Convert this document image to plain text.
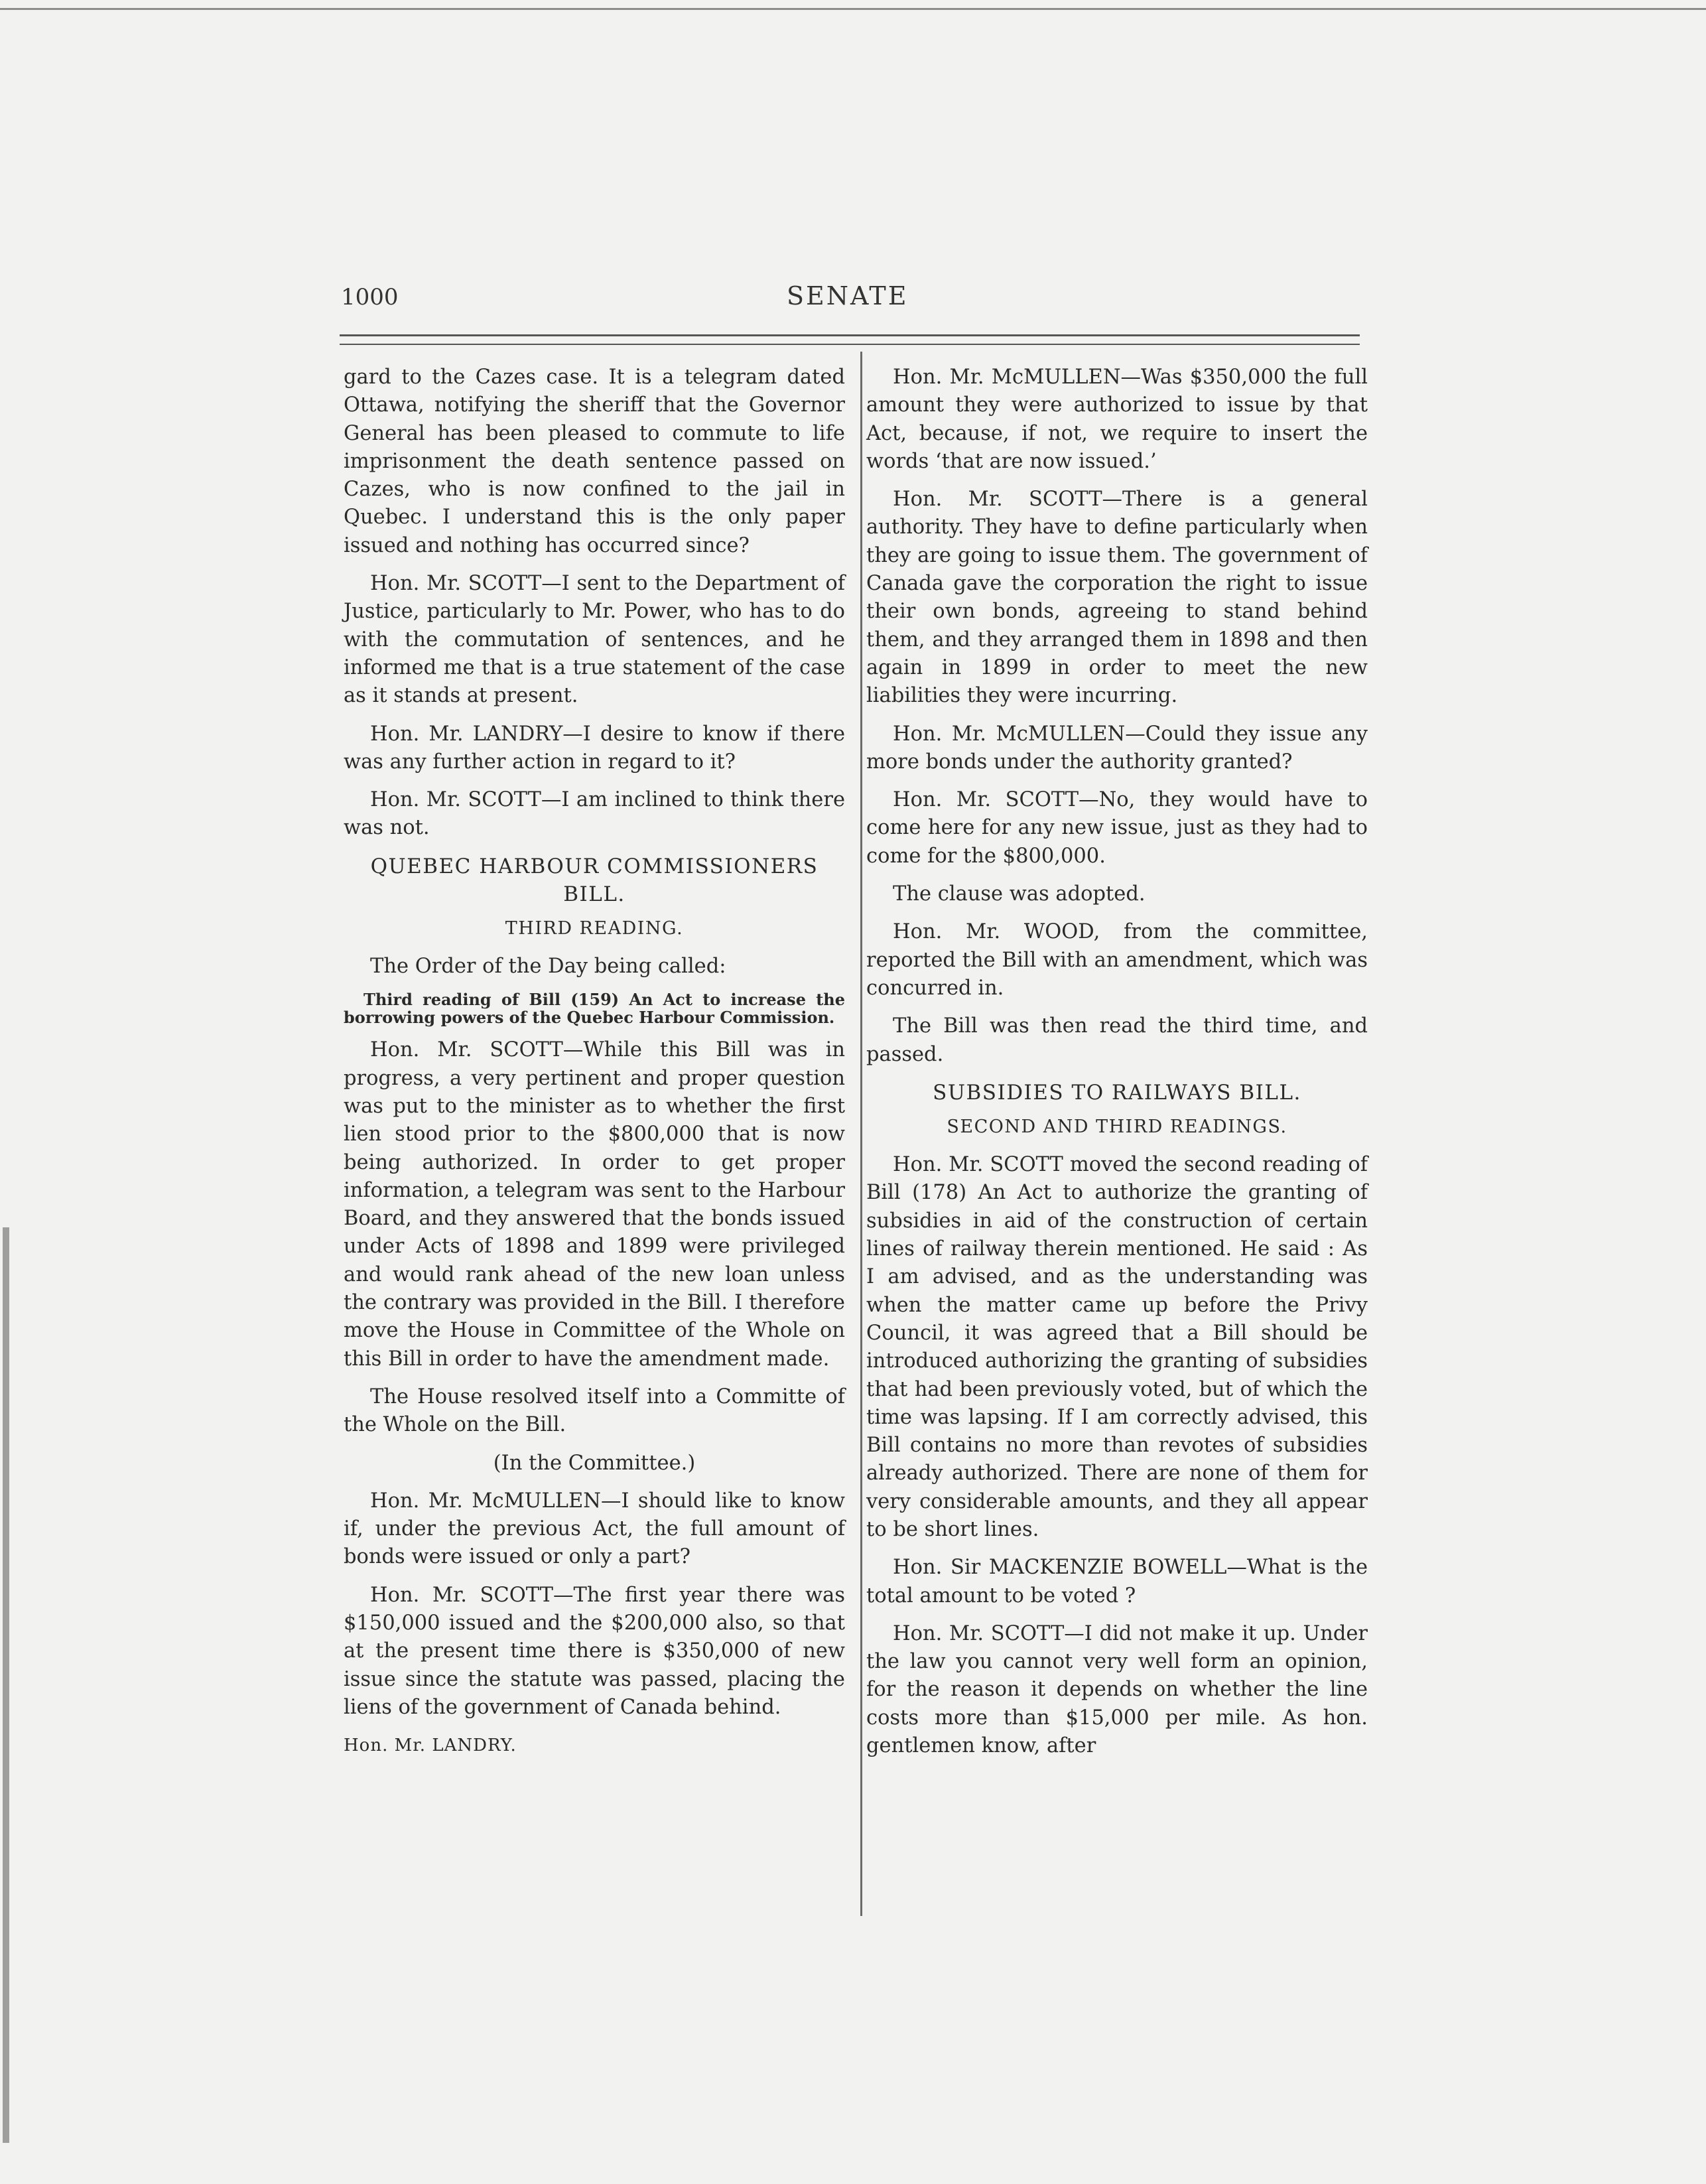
1000	SENATE

gard to the Cazes case. It is a telegram dated Ottawa, notifying the sheriff that the Governor General has been pleased to commute to life imprisonment the death sentence passed on Cazes, who is now confined to the jail in Quebec. I understand this is the only paper issued and nothing has occurred since?

Hon. Mr. SCOTT—I sent to the Department of Justice, particularly to Mr. Power, who has to do with the commutation of sentences, and he informed me that is a true statement of the case as it stands at present.

Hon. Mr. LANDRY—I desire to know if there was any further action in regard to it?

Hon. Mr. SCOTT—I am inclined to think there was not.

QUEBEC HARBOUR COMMISSIONERS BILL.

THIRD READING.

The Order of the Day being called:

Third reading of Bill (159) An Act to increase the borrowing powers of the Quebec Harbour Commission.

Hon. Mr. SCOTT—While this Bill was in progress, a very pertinent and proper question was put to the minister as to whether the first lien stood prior to the $800,000 that is now being authorized. In order to get proper information, a telegram was sent to the Harbour Board, and they answered that the bonds issued under Acts of 1898 and 1899 were privileged and would rank ahead of the new loan unless the contrary was provided in the Bill. I therefore move the House in Committee of the Whole on this Bill in order to have the amendment made.

The House resolved itself into a Committe of the Whole on the Bill.

(In the Committee.)

Hon. Mr. McMULLEN—I should like to know if, under the previous Act, the full amount of bonds were issued or only a part?

Hon. Mr. SCOTT—The first year there was $150,000 issued and the $200,000 also, so that at the present time there is $350,000 of new issue since the statute was passed, placing the liens of the government of Canada behind.

Hon. Mr. LANDRY.

Hon. Mr. McMULLEN—Was $350,000 the full amount they were authorized to issue by that Act, because, if not, we require to insert the words ‘that are now issued.’

Hon. Mr. SCOTT—There is a general authority. They have to define particularly when they are going to issue them. The government of Canada gave the corporation the right to issue their own bonds, agreeing to stand behind them, and they arranged them in 1898 and then again in 1899 in order to meet the new liabilities they were incurring.

Hon. Mr. McMULLEN—Could they issue any more bonds under the authority granted?

Hon. Mr. SCOTT—No, they would have to come here for any new issue, just as they had to come for the $800,000.

The clause was adopted.

Hon. Mr. WOOD, from the committee, reported the Bill with an amendment, which was concurred in.

The Bill was then read the third time, and passed.

SUBSIDIES TO RAILWAYS BILL.

SECOND AND THIRD READINGS.

Hon. Mr. SCOTT moved the second reading of Bill (178) An Act to authorize the granting of subsidies in aid of the construction of certain lines of railway therein mentioned. He said : As I am advised, and as the understanding was when the matter came up before the Privy Council, it was agreed that a Bill should be introduced authorizing the granting of subsidies that had been previously voted, but of which the time was lapsing. If I am correctly advised, this Bill contains no more than revotes of subsidies already authorized. There are none of them for very considerable amounts, and they all appear to be short lines.

Hon. Sir MACKENZIE BOWELL—What is the total amount to be voted ?

Hon. Mr. SCOTT—I did not make it up. Under the law you cannot very well form an opinion, for the reason it depends on whether the line costs more than $15,000 per mile. As hon. gentlemen know, after
